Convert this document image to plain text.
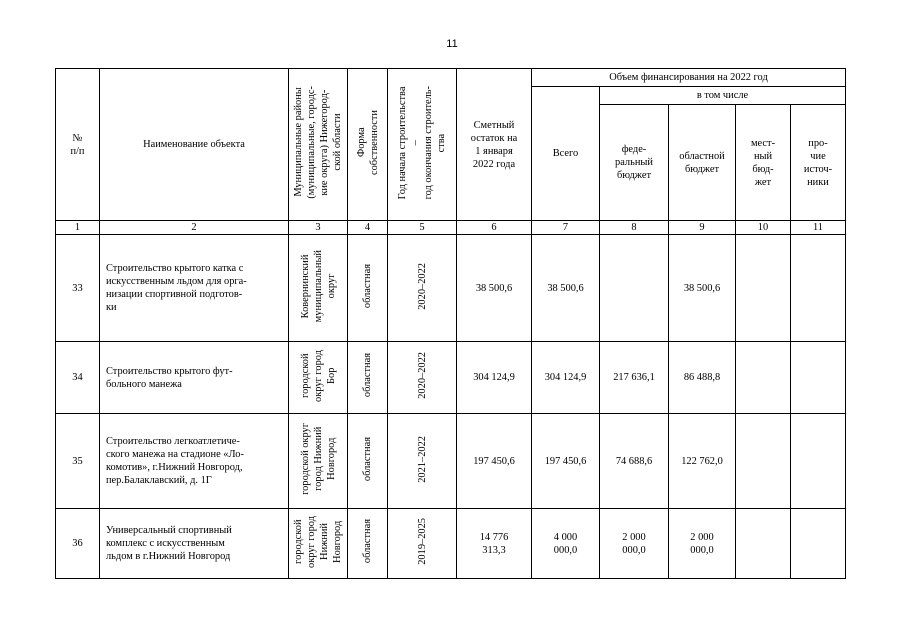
11
№
п/п	Наименование объекта	Муниципальные районы
(муниципальные, городс-
кие округа) Нижегород-
ской области	Форма
собственности	Год начала строительства
–
год окончания строитель-
ства	Сметный
остаток на
1 января
2022 года	Объем финансирования на 2022 год				
						Всего	в том числе			
							феде-
ральный
бюджет	областной
бюджет	мест-
ный
бюд-
жет	про-
чие
источ-
ники
1	2	3	4	5	6	7	8	9	10	11
33	Строительство крытого катка с
искусственным льдом для орга-
низации спортивной подготов-
ки	Ковернинский
муниципальный
округ	областная	2020–2022	38 500,6	38 500,6		38 500,6		
34	Строительство крытого фут-
больного манежа	городской
округ город
Бор	областная	2020–2022	304 124,9	304 124,9	217 636,1	86 488,8		
35	Строительство легкоатлетиче-
ского манежа на стадионе «Ло-
комотив», г.Нижний Новгород,
пер.Балаклавский, д. 1Г	городской округ
город Нижний
Новгород	областная	2021–2022	197 450,6	197 450,6	74 688,6	122 762,0		
36	Универсальный спортивный
комплекс с искусственным
льдом в г.Нижний Новгород	городской
округ город
Нижний
Новгород	областная	2019–2025	14 776
313,3	4 000
000,0	2 000
000,0	2 000
000,0		
